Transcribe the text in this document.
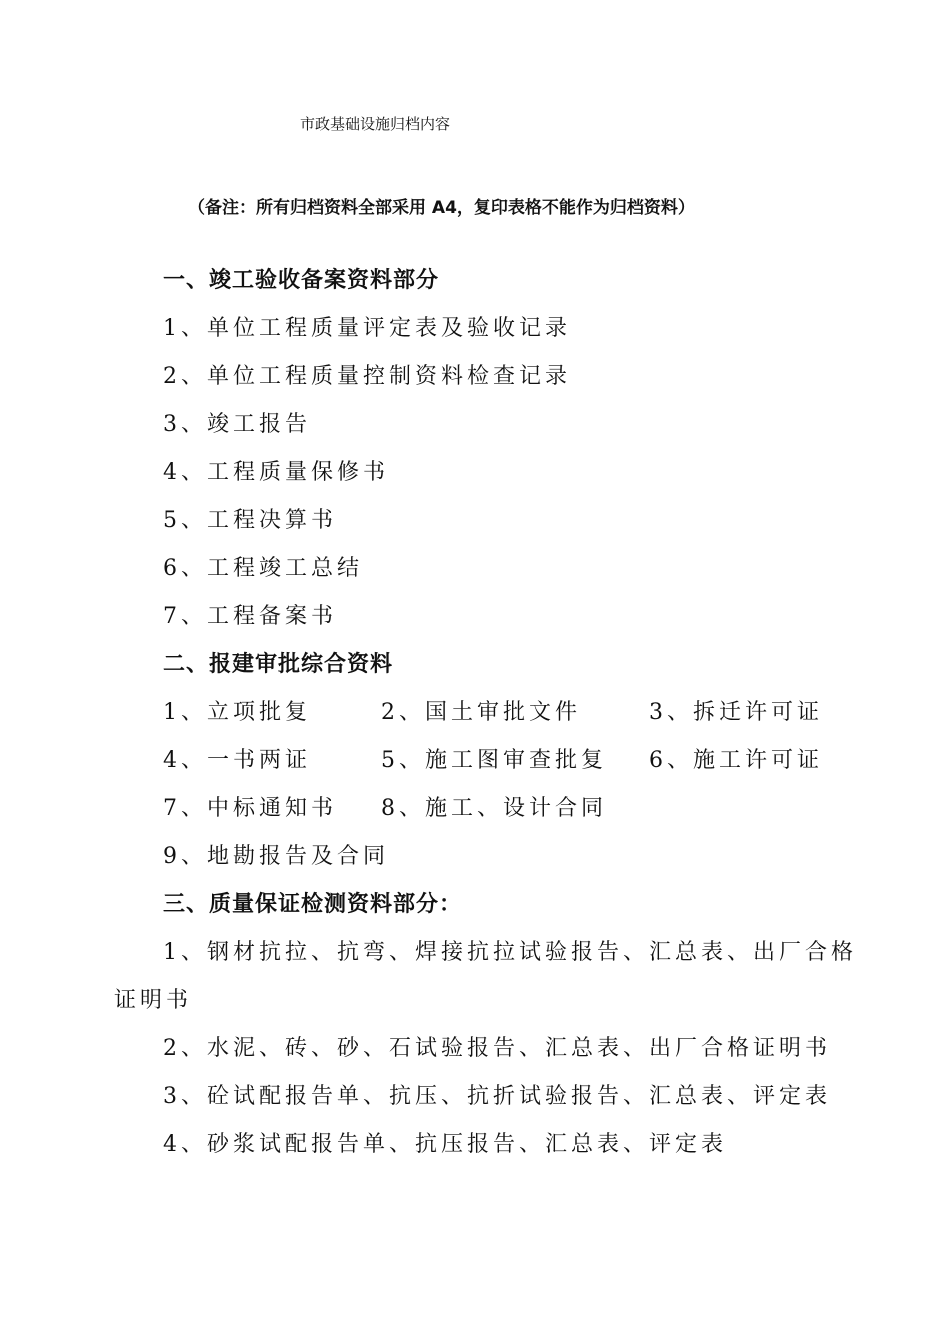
市政基础设施归档内容
（备注：所有归档资料全部采用 A4，复印表格不能作为归档资料）
一、竣工验收备案资料部分
1、单位工程质量评定表及验收记录
2、单位工程质量控制资料检查记录
3、竣工报告
4、工程质量保修书
5、工程决算书
6、工程竣工总结
7、工程备案书
二、报建审批综合资料
1、立项批复	2、国土审批文件	3、拆迁许可证
4、一书两证	5、施工图审查批复 6、施工许可证
7、中标通知书 8、施工、设计合同
9、地勘报告及合同
三、质量保证检测资料部分：
1、钢材抗拉、抗弯、焊接抗拉试验报告、汇总表、出厂合格
证明书
2、水泥、砖、砂、石试验报告、汇总表、出厂合格证明书
3、砼试配报告单、抗压、抗折试验报告、汇总表、评定表
4、砂浆试配报告单、抗压报告、汇总表、评定表
